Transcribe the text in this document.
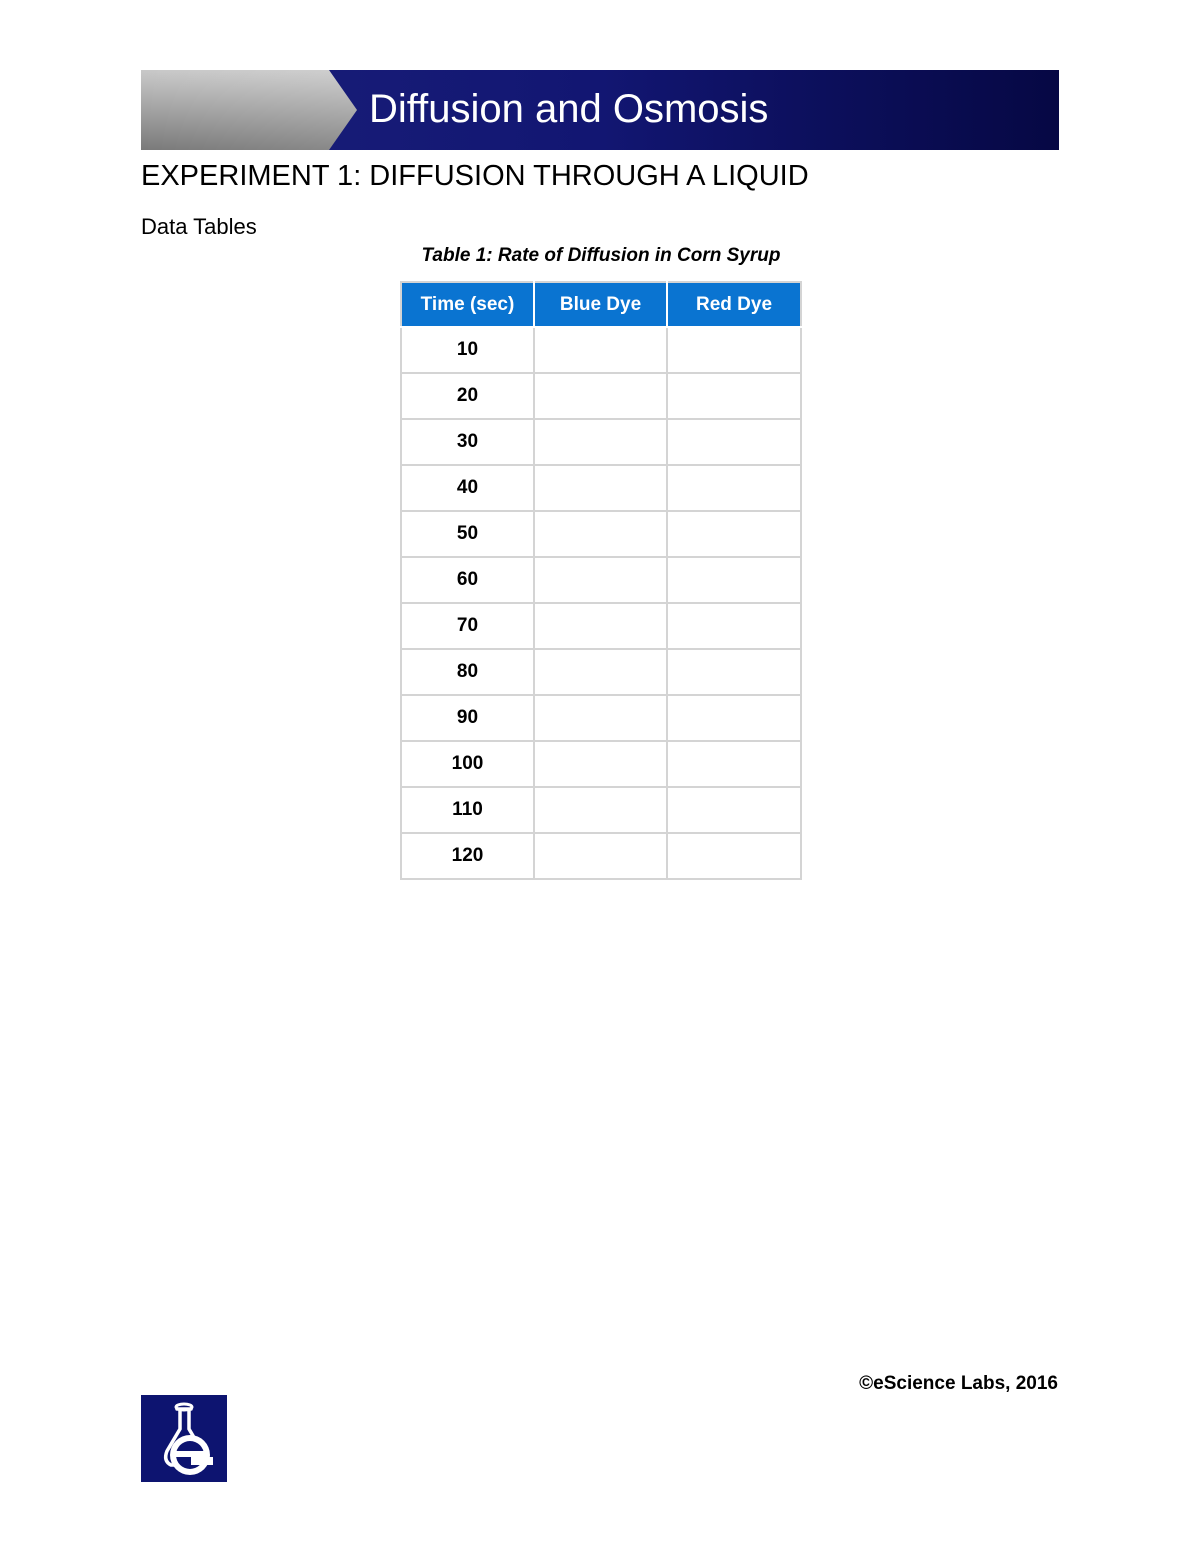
Diffusion and Osmosis
EXPERIMENT 1: DIFFUSION THROUGH A LIQUID
Data Tables
Table 1: Rate of Diffusion in Corn Syrup
Time (sec)	Blue Dye	Red Dye
10		
20		
30		
40		
50		
60		
70		
80		
90		
100		
110		
120		
©eScience Labs, 2016
